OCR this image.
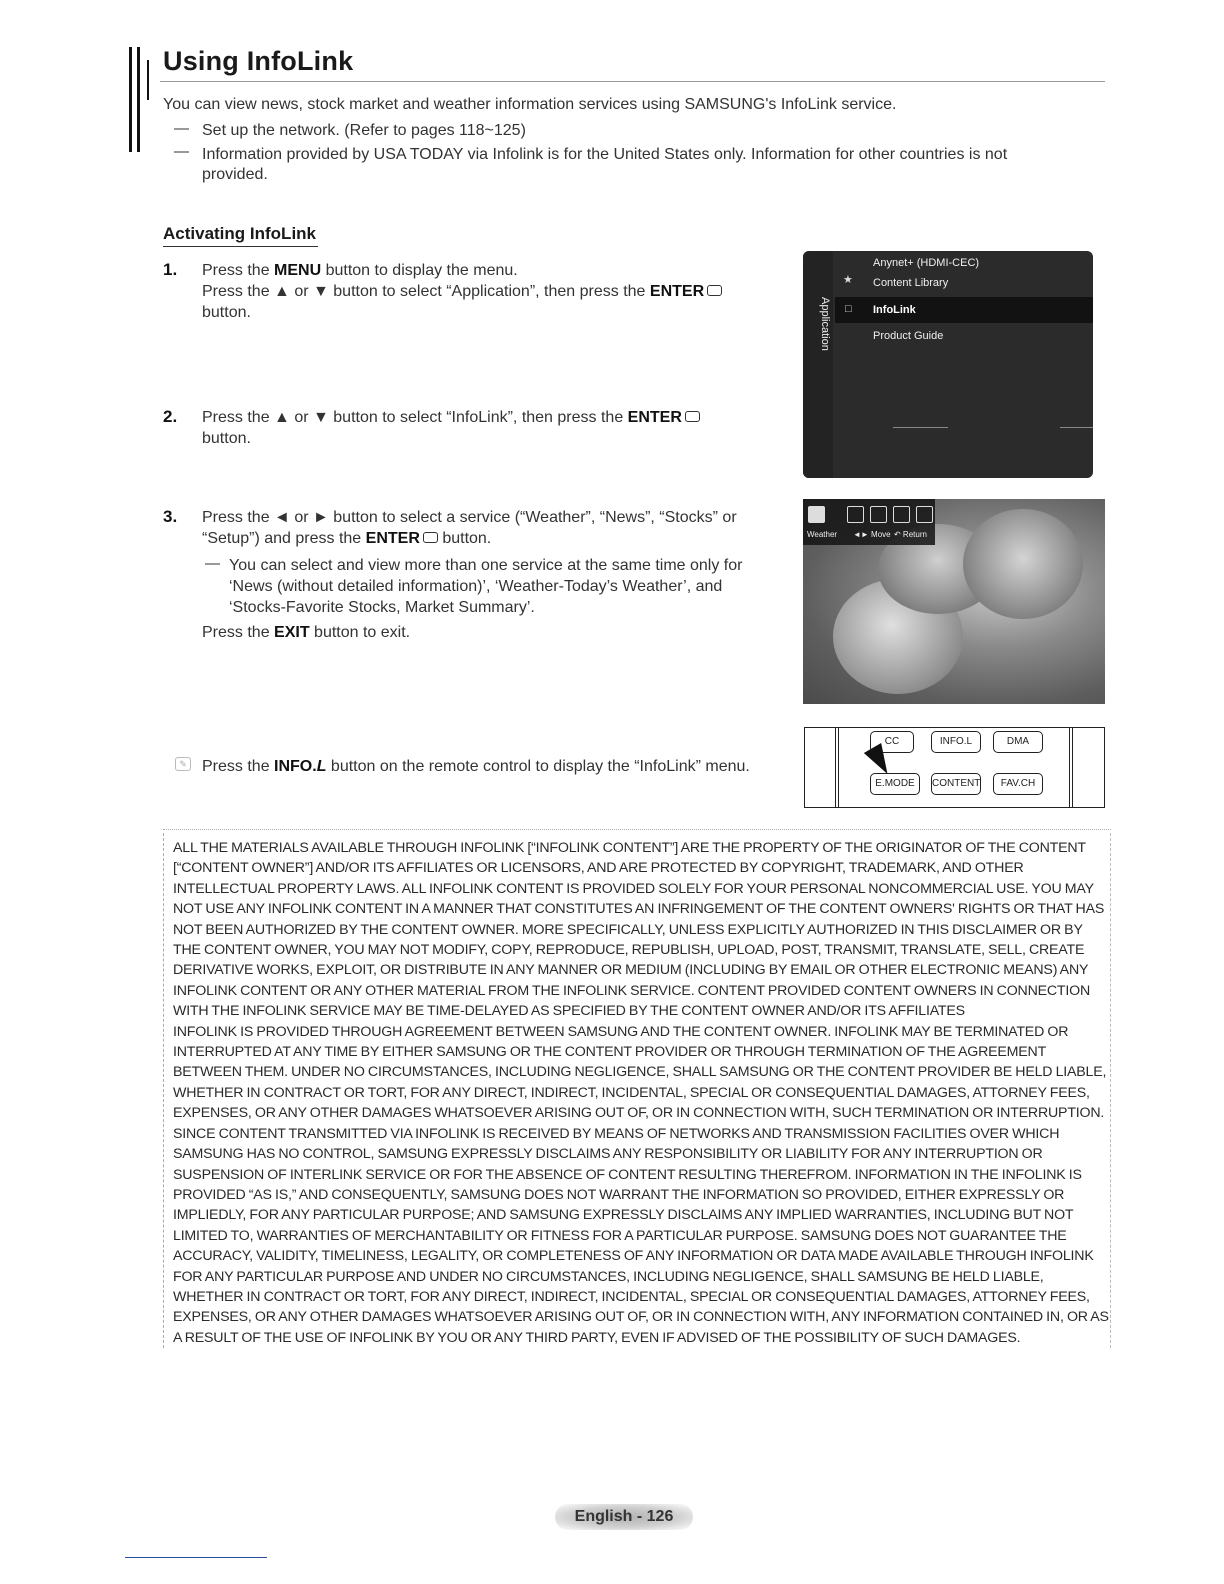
Using InfoLink
You can view news, stock market and weather information services using SAMSUNG's InfoLink service.
— Set up the network. (Refer to pages 118~125)
— Information provided by USA TODAY via Infolink is for the United States only. Information for other countries is not
provided.
Activating InfoLink
1. Press the MENU button to display the menu.
Press the ▲ or ▼ button to select “Application”, then press the ENTER
button.
2. Press the ▲ or ▼ button to select “InfoLink”, then press the ENTER
button.
Application
★
Anynet+ (HDMI-CEC)
Content Library
InfoLink
□
Product Guide
3. Press the ◄ or ► button to select a service (“Weather”, “News”, “Stocks” or
“Setup”) and press the ENTER button.
— You can select and view more than one service at the same time only for
‘News (without detailed information)’, ‘Weather-Today’s Weather’, and
‘Stocks-Favorite Stocks, Market Summary’.
Press the EXIT button to exit.
Weather ◄► Move ↶ Return
✎ Press the INFO.L button on the remote control to display the “InfoLink” menu.
CC	INFO.L	DMA
E.MODE	CONTENT	FAV.CH

ALL THE MATERIALS AVAILABLE THROUGH INFOLINK [“INFOLINK CONTENT”] ARE THE PROPERTY OF THE ORIGINATOR OF THE CONTENT [“CONTENT OWNER”] AND/OR ITS AFFILIATES OR LICENSORS, AND ARE PROTECTED BY COPYRIGHT, TRADEMARK, AND OTHER INTELLECTUAL PROPERTY LAWS. ALL INFOLINK CONTENT IS PROVIDED SOLELY FOR YOUR PERSONAL NONCOMMERCIAL USE. YOU MAY NOT USE ANY INFOLINK CONTENT IN A MANNER THAT CONSTITUTES AN INFRINGEMENT OF THE CONTENT OWNERS' RIGHTS OR THAT HAS NOT BEEN AUTHORIZED BY THE CONTENT OWNER. MORE SPECIFICALLY, UNLESS EXPLICITLY AUTHORIZED IN THIS DISCLAIMER OR BY THE CONTENT OWNER, YOU MAY NOT MODIFY, COPY, REPRODUCE, REPUBLISH, UPLOAD, POST, TRANSMIT, TRANSLATE, SELL, CREATE DERIVATIVE WORKS, EXPLOIT, OR DISTRIBUTE IN ANY MANNER OR MEDIUM (INCLUDING BY EMAIL OR OTHER ELECTRONIC MEANS) ANY INFOLINK CONTENT OR ANY OTHER MATERIAL FROM THE INFOLINK SERVICE. CONTENT PROVIDED CONTENT OWNERS IN CONNECTION WITH THE INFOLINK SERVICE MAY BE TIME-DELAYED AS SPECIFIED BY THE CONTENT OWNER AND/OR ITS AFFILIATES

INFOLINK IS PROVIDED THROUGH AGREEMENT BETWEEN SAMSUNG AND THE CONTENT OWNER. INFOLINK MAY BE TERMINATED OR INTERRUPTED AT ANY TIME BY EITHER SAMSUNG OR THE CONTENT PROVIDER OR THROUGH TERMINATION OF THE AGREEMENT BETWEEN THEM. UNDER NO CIRCUMSTANCES, INCLUDING NEGLIGENCE, SHALL SAMSUNG OR THE CONTENT PROVIDER BE HELD LIABLE, WHETHER IN CONTRACT OR TORT, FOR ANY DIRECT, INDIRECT, INCIDENTAL, SPECIAL OR CONSEQUENTIAL DAMAGES, ATTORNEY FEES, EXPENSES, OR ANY OTHER DAMAGES WHATSOEVER ARISING OUT OF, OR IN CONNECTION WITH, SUCH TERMINATION OR INTERRUPTION. SINCE CONTENT TRANSMITTED VIA INFOLINK IS RECEIVED BY MEANS OF NETWORKS AND TRANSMISSION FACILITIES OVER WHICH SAMSUNG HAS NO CONTROL, SAMSUNG EXPRESSLY DISCLAIMS ANY RESPONSIBILITY OR LIABILITY FOR ANY INTERRUPTION OR SUSPENSION OF INTERLINK SERVICE OR FOR THE ABSENCE OF CONTENT RESULTING THEREFROM. INFORMATION IN THE INFOLINK IS PROVIDED “AS IS,” AND CONSEQUENTLY, SAMSUNG DOES NOT WARRANT THE INFORMATION SO PROVIDED, EITHER EXPRESSLY OR IMPLIEDLY, FOR ANY PARTICULAR PURPOSE; AND SAMSUNG EXPRESSLY DISCLAIMS ANY IMPLIED WARRANTIES, INCLUDING BUT NOT LIMITED TO, WARRANTIES OF MERCHANTABILITY OR FITNESS FOR A PARTICULAR PURPOSE. SAMSUNG DOES NOT GUARANTEE THE ACCURACY, VALIDITY, TIMELINESS, LEGALITY, OR COMPLETENESS OF ANY INFORMATION OR DATA MADE AVAILABLE THROUGH INFOLINK FOR ANY PARTICULAR PURPOSE AND UNDER NO CIRCUMSTANCES, INCLUDING NEGLIGENCE, SHALL SAMSUNG BE HELD LIABLE, WHETHER IN CONTRACT OR TORT, FOR ANY DIRECT, INDIRECT, INCIDENTAL, SPECIAL OR CONSEQUENTIAL DAMAGES, ATTORNEY FEES, EXPENSES, OR ANY OTHER DAMAGES WHATSOEVER ARISING OUT OF, OR IN CONNECTION WITH, ANY INFORMATION CONTAINED IN, OR AS A RESULT OF THE USE OF INFOLINK BY YOU OR ANY THIRD PARTY, EVEN IF ADVISED OF THE POSSIBILITY OF SUCH DAMAGES.

English - 126
